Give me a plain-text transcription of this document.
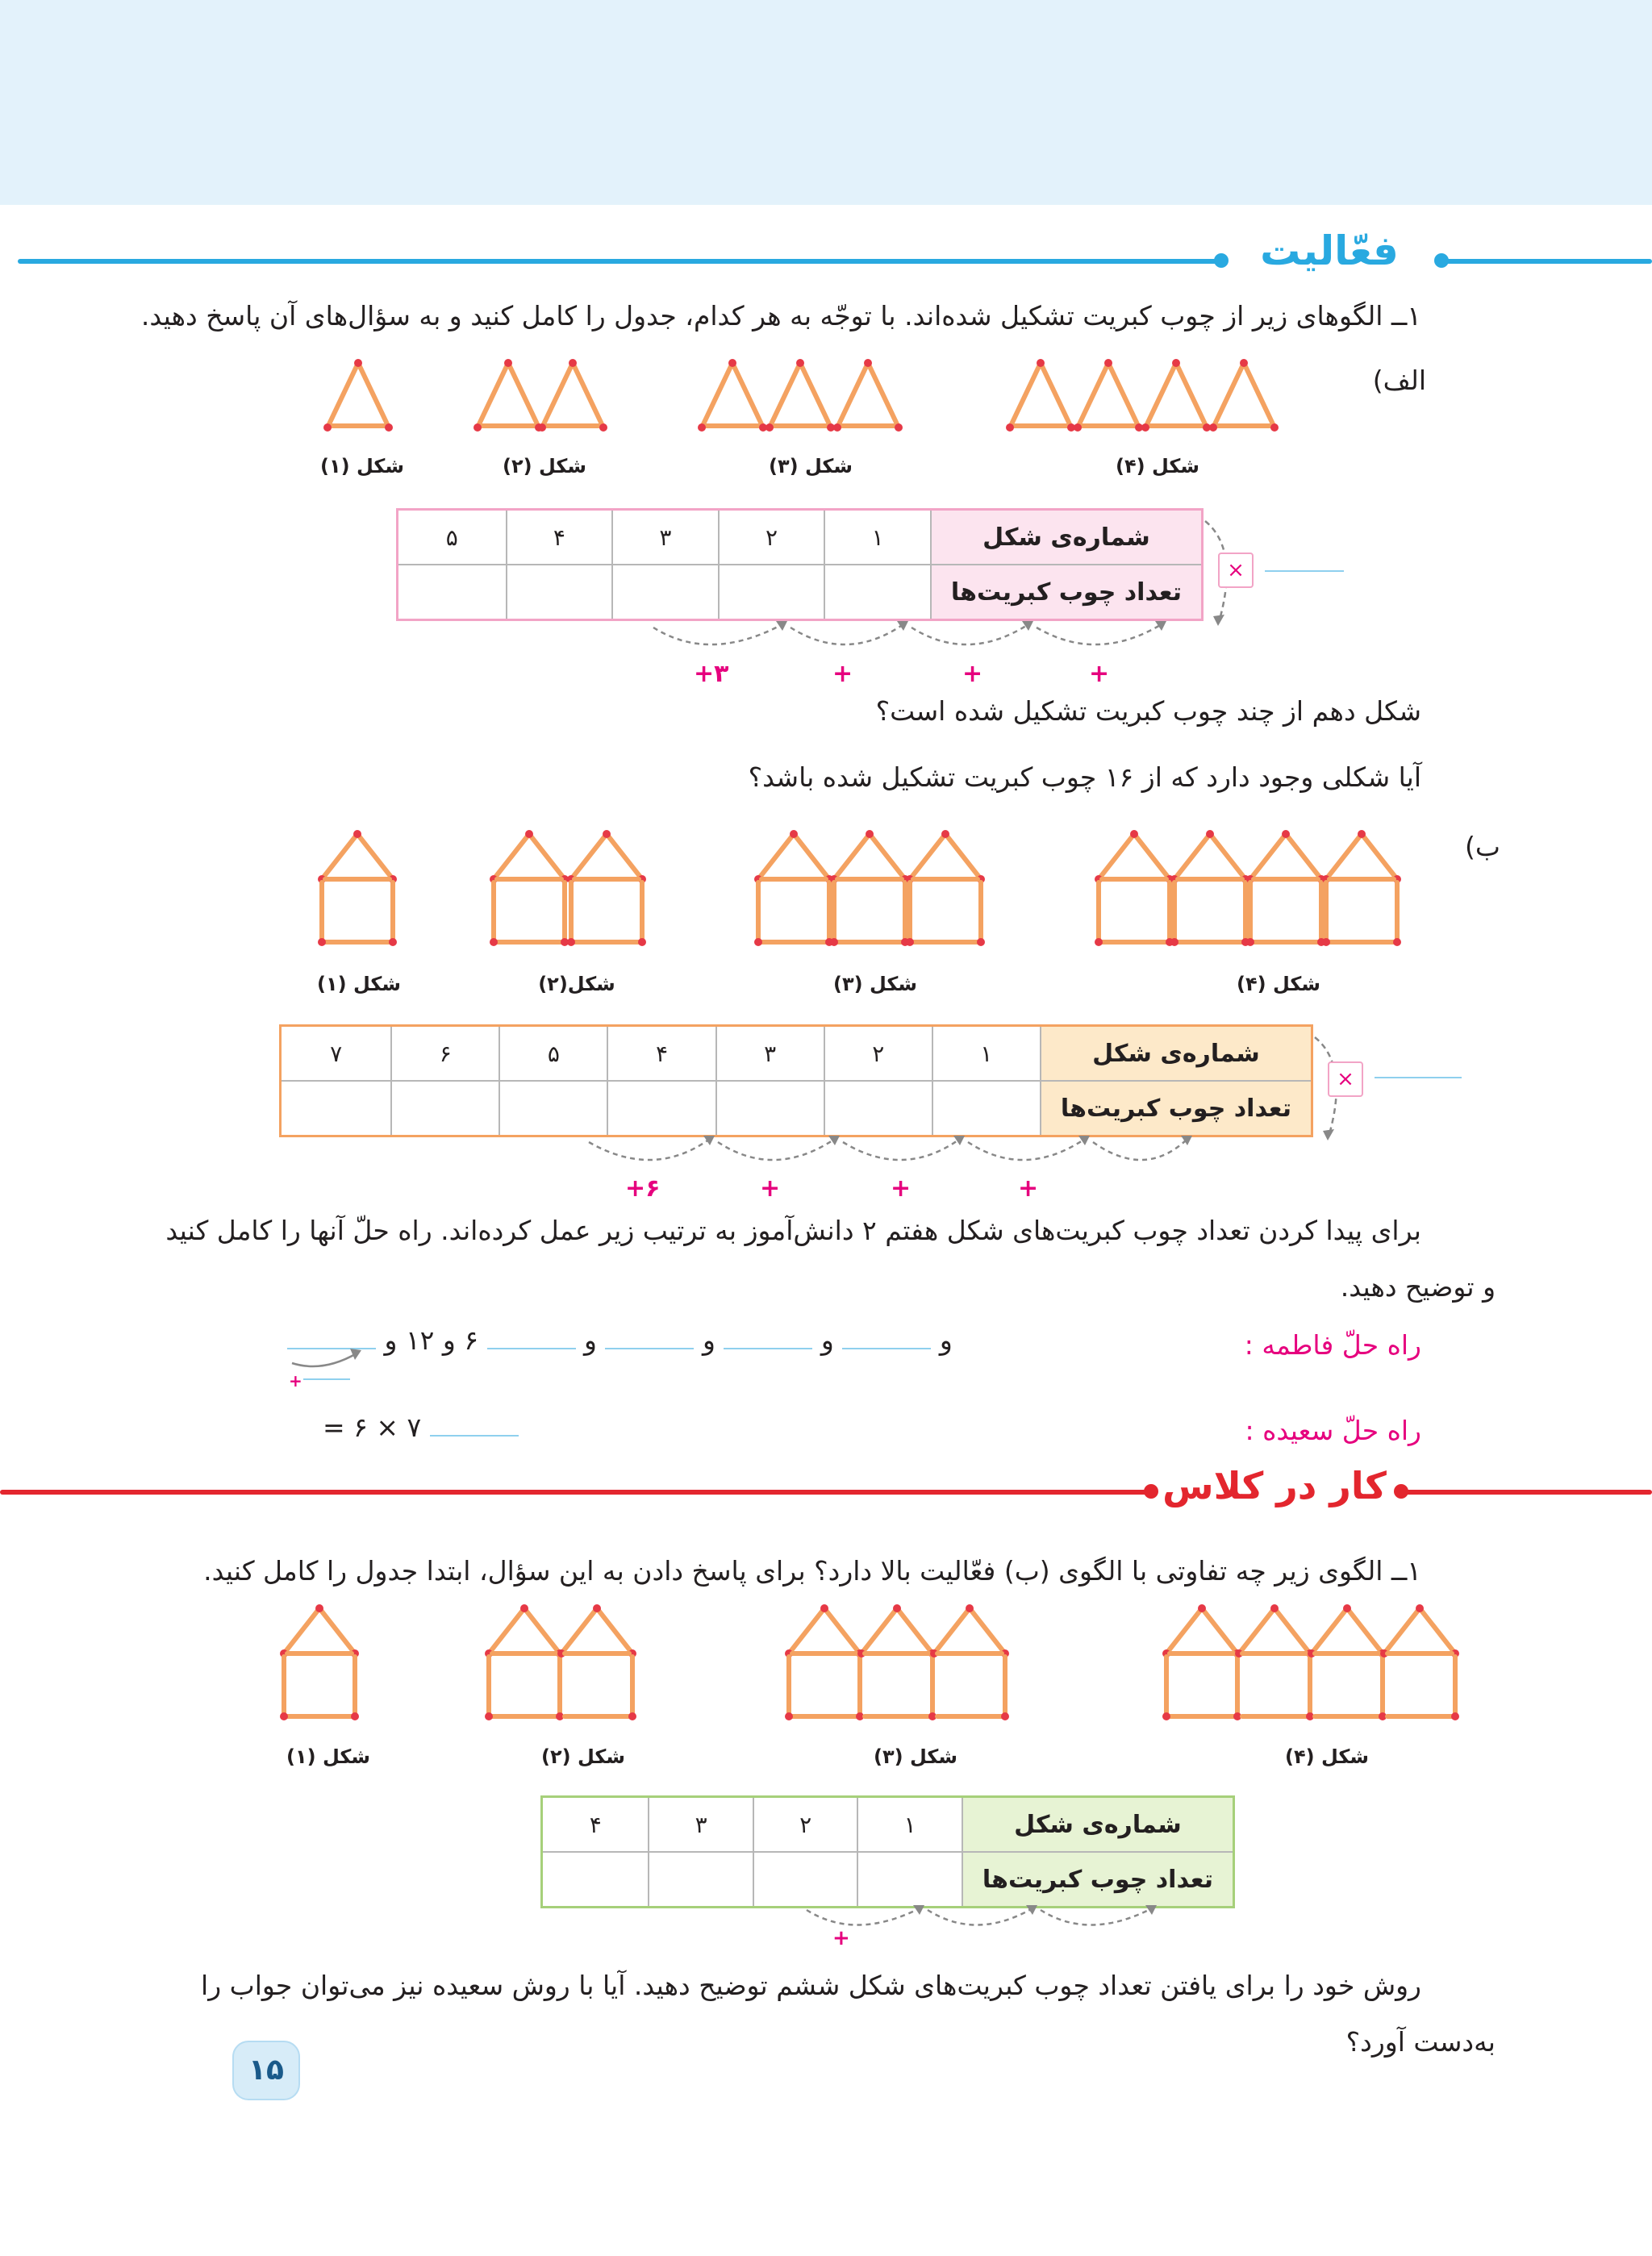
فعّالیت
۱ــ الگوهای زیر از چوب کبریت تشکیل شده‌اند. با توجّه به هر کدام، جدول را کامل کنید و به سؤال‌های آن پاسخ دهید.
الف)
شکل (۱)	شکل (۲)	شکل (۳)	شکل (۴)
شماره‌ی شکل	۱	۲	۳	۴	۵
تعداد چوب کبریت‌ها					
×
+۳	+	+	+
شکل دهم از چند چوب کبریت تشکیل شده است؟
آیا شکلی وجود دارد که از ۱۶ چوب کبریت تشکیل شده باشد؟
ب)
شکل (۱)	شکل(۲)	شکل (۳)	شکل (۴)
شماره‌ی شکل	۱	۲	۳	۴	۵	۶	۷
تعداد چوب کبریت‌ها							
×
+۶	+	+	+
برای پیدا کردن تعداد چوب کبریت‌های شکل هفتم ۲ دانش‌آموز به ترتیب زیر عمل کرده‌اند. راه حلّ آنها را کامل کنید
و توضیح دهید.
راه حلّ فاطمه :
و  و  و  و  ۶ و ۱۲ و
+
راه حلّ سعیده :
۷ × ۶ =
کار در کلاس
۱ــ الگوی زیر چه تفاوتی با الگوی (ب) فعّالیت بالا دارد؟ برای پاسخ دادن به این سؤال، ابتدا جدول را کامل کنید.
شکل (۱)	شکل (۲)	شکل (۳)	شکل (۴)
شماره‌ی شکل	۱	۲	۳	۴
تعداد چوب کبریت‌ها				
+
روش خود را برای یافتن تعداد چوب کبریت‌های شکل ششم توضیح دهید. آیا با روش سعیده نیز می‌توان جواب را
به‌دست آورد؟
۱۵
